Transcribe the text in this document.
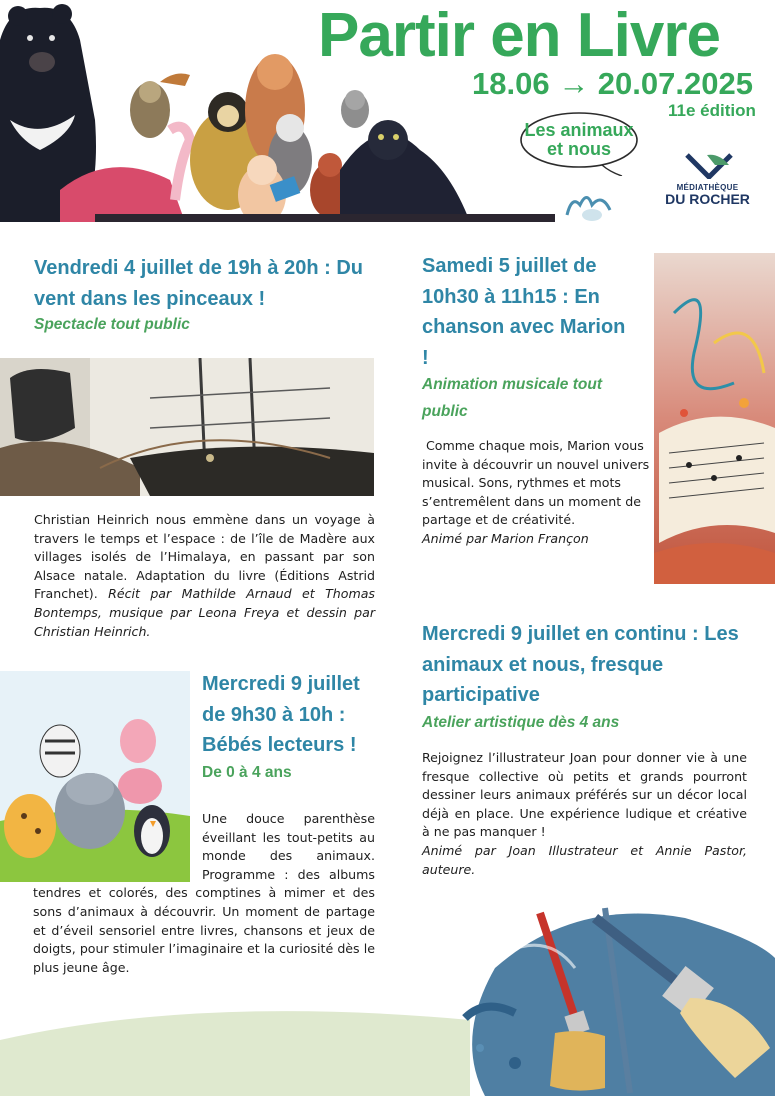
Partir en Livre
18.06 → 20.07.2025
11e édition
Les animaux et nous
MÉDIATHÈQUE
DU ROCHER
Vendredi 4 juillet de 19h à 20h : Du vent dans les pinceaux !
Spectacle tout public
Christian Heinrich nous emmène dans un voyage à travers le temps et l’espace : de l’île de Madère aux villages isolés de l’Himalaya, en passant par son Alsace natale. Adaptation du livre (Éditions Astrid Franchet). Récit par Mathilde Arnaud et Thomas Bontemps, musique par Leona Freya et dessin par Christian Heinrich.
Samedi 5 juillet de 10h30 à 11h15 : En chanson avec Marion !
Animation musicale tout public
Comme chaque mois, Marion vous invite à découvrir un nouvel univers musical. Sons, rythmes et mots s’entremêlent dans un moment de partage et de créativité.
Animé par Marion Françon
Mercredi 9 juillet de 9h30 à 10h : Bébés lecteurs !
De 0 à 4 ans
Une douce parenthèse éveillant les tout-petits au monde des animaux. Programme : des albums tendres et colorés, des comptines à mimer et des sons d’animaux à découvrir. Un moment de partage et d’éveil sensoriel entre livres, chansons et jeux de doigts, pour stimuler l’imaginaire et la curiosité dès le plus jeune âge.
Mercredi 9 juillet en continu : Les animaux et nous, fresque participative
Atelier artistique dès 4 ans
Rejoignez l’illustrateur Joan pour donner vie à une fresque collective où petits et grands pourront dessiner leurs animaux préférés sur un décor local déjà en place. Une expérience ludique et créative à ne pas manquer !
Animé par Joan Illustrateur et Annie Pastor, auteure.
